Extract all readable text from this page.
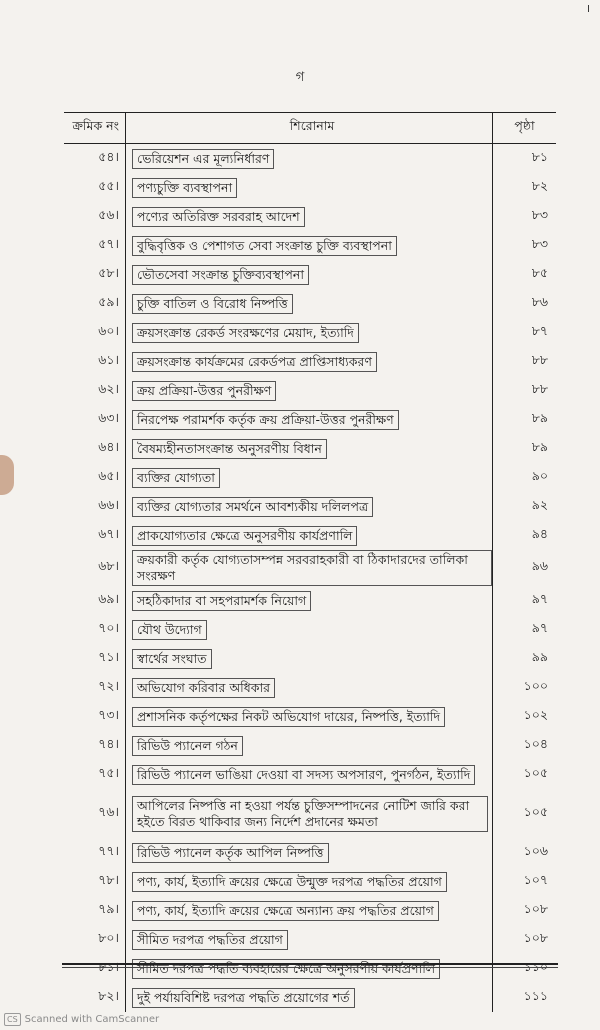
I
গ
ক্রমিক নং	শিরোনাম	পৃষ্ঠা
৫৪।	ভেরিয়েশন এর মূল্যনির্ধারণ	৮১
৫৫।	পণ্যচুক্তি ব্যবস্থাপনা	৮২
৫৬।	পণ্যের অতিরিক্ত সরবরাহ আদেশ	৮৩
৫৭।	বুদ্ধিবৃত্তিক ও পেশাগত সেবা সংক্রান্ত চুক্তি ব্যবস্থাপনা	৮৩
৫৮।	ভৌতসেবা সংক্রান্ত চুক্তিব্যবস্থাপনা	৮৫
৫৯।	চুক্তি বাতিল ও বিরোধ নিষ্পত্তি	৮৬
৬০।	ক্রয়সংক্রান্ত রেকর্ড সংরক্ষণের মেয়াদ, ইত্যাদি	৮৭
৬১।	ক্রয়সংক্রান্ত কার্যক্রমের রেকর্ডপত্র প্রাপ্তিসাধ্যকরণ	৮৮
৬২।	ক্রয় প্রক্রিয়া-উত্তর পুনরীক্ষণ	৮৮
৬৩।	নিরপেক্ষ পরামর্শক কর্তৃক ক্রয় প্রক্রিয়া-উত্তর পুনরীক্ষণ	৮৯
৬৪।	বৈষম্যহীনতাসংক্রান্ত অনুসরণীয় বিধান	৮৯
৬৫।	ব্যক্তির যোগ্যতা	৯০
৬৬।	ব্যক্তির যোগ্যতার সমর্থনে আবশ্যকীয় দলিলপত্র	৯২
৬৭।	প্রাকযোগ্যতার ক্ষেত্রে অনুসরণীয় কার্যপ্রণালি	৯৪
৬৮।	ক্রয়কারী কর্তৃক যোগ্যতাসম্পন্ন সরবরাহকারী বা ঠিকাদারদের তালিকা সংরক্ষণ	৯৬
৬৯।	সহঠিকাদার বা সহপরামর্শক নিয়োগ	৯৭
৭০।	যৌথ উদ্যোগ	৯৭
৭১।	স্বার্থের সংঘাত	৯৯
৭২।	অভিযোগ করিবার অধিকার	১০০
৭৩।	প্রশাসনিক কর্তৃপক্ষের নিকট অভিযোগ দায়ের, নিষ্পত্তি, ইত্যাদি	১০২
৭৪।	রিভিউ প্যানেল গঠন	১০৪
৭৫।	রিভিউ প্যানেল ভাঙিয়া দেওয়া বা সদস্য অপসারণ, পুনর্গঠন, ইত্যাদি	১০৫
৭৬।	আপিলের নিষ্পত্তি না হওয়া পর্যন্ত চুক্তিসম্পাদনের নোটিশ জারি করা হইতে বিরত থাকিবার জন্য নির্দেশ প্রদানের ক্ষমতা	১০৫
৭৭।	রিভিউ প্যানেল কর্তৃক আপিল নিষ্পত্তি	১০৬
৭৮।	পণ্য, কার্য, ইত্যাদি ক্রয়ের ক্ষেত্রে উন্মুক্ত দরপত্র পদ্ধতির প্রয়োগ	১০৭
৭৯।	পণ্য, কার্য, ইত্যাদি ক্রয়ের ক্ষেত্রে অন্যান্য ক্রয় পদ্ধতির প্রয়োগ	১০৮
৮০।	সীমিত দরপত্র পদ্ধতির প্রয়োগ	১০৮
৮১।	সীমিত দরপত্র পদ্ধতি ব্যবহারের ক্ষেত্রে অনুসরণীয় কার্যপ্রণালি	১১০
৮২।	দুই পর্যায়বিশিষ্ট দরপত্র পদ্ধতি প্রয়োগের শর্ত	১১১
CS Scanned with CamScanner
